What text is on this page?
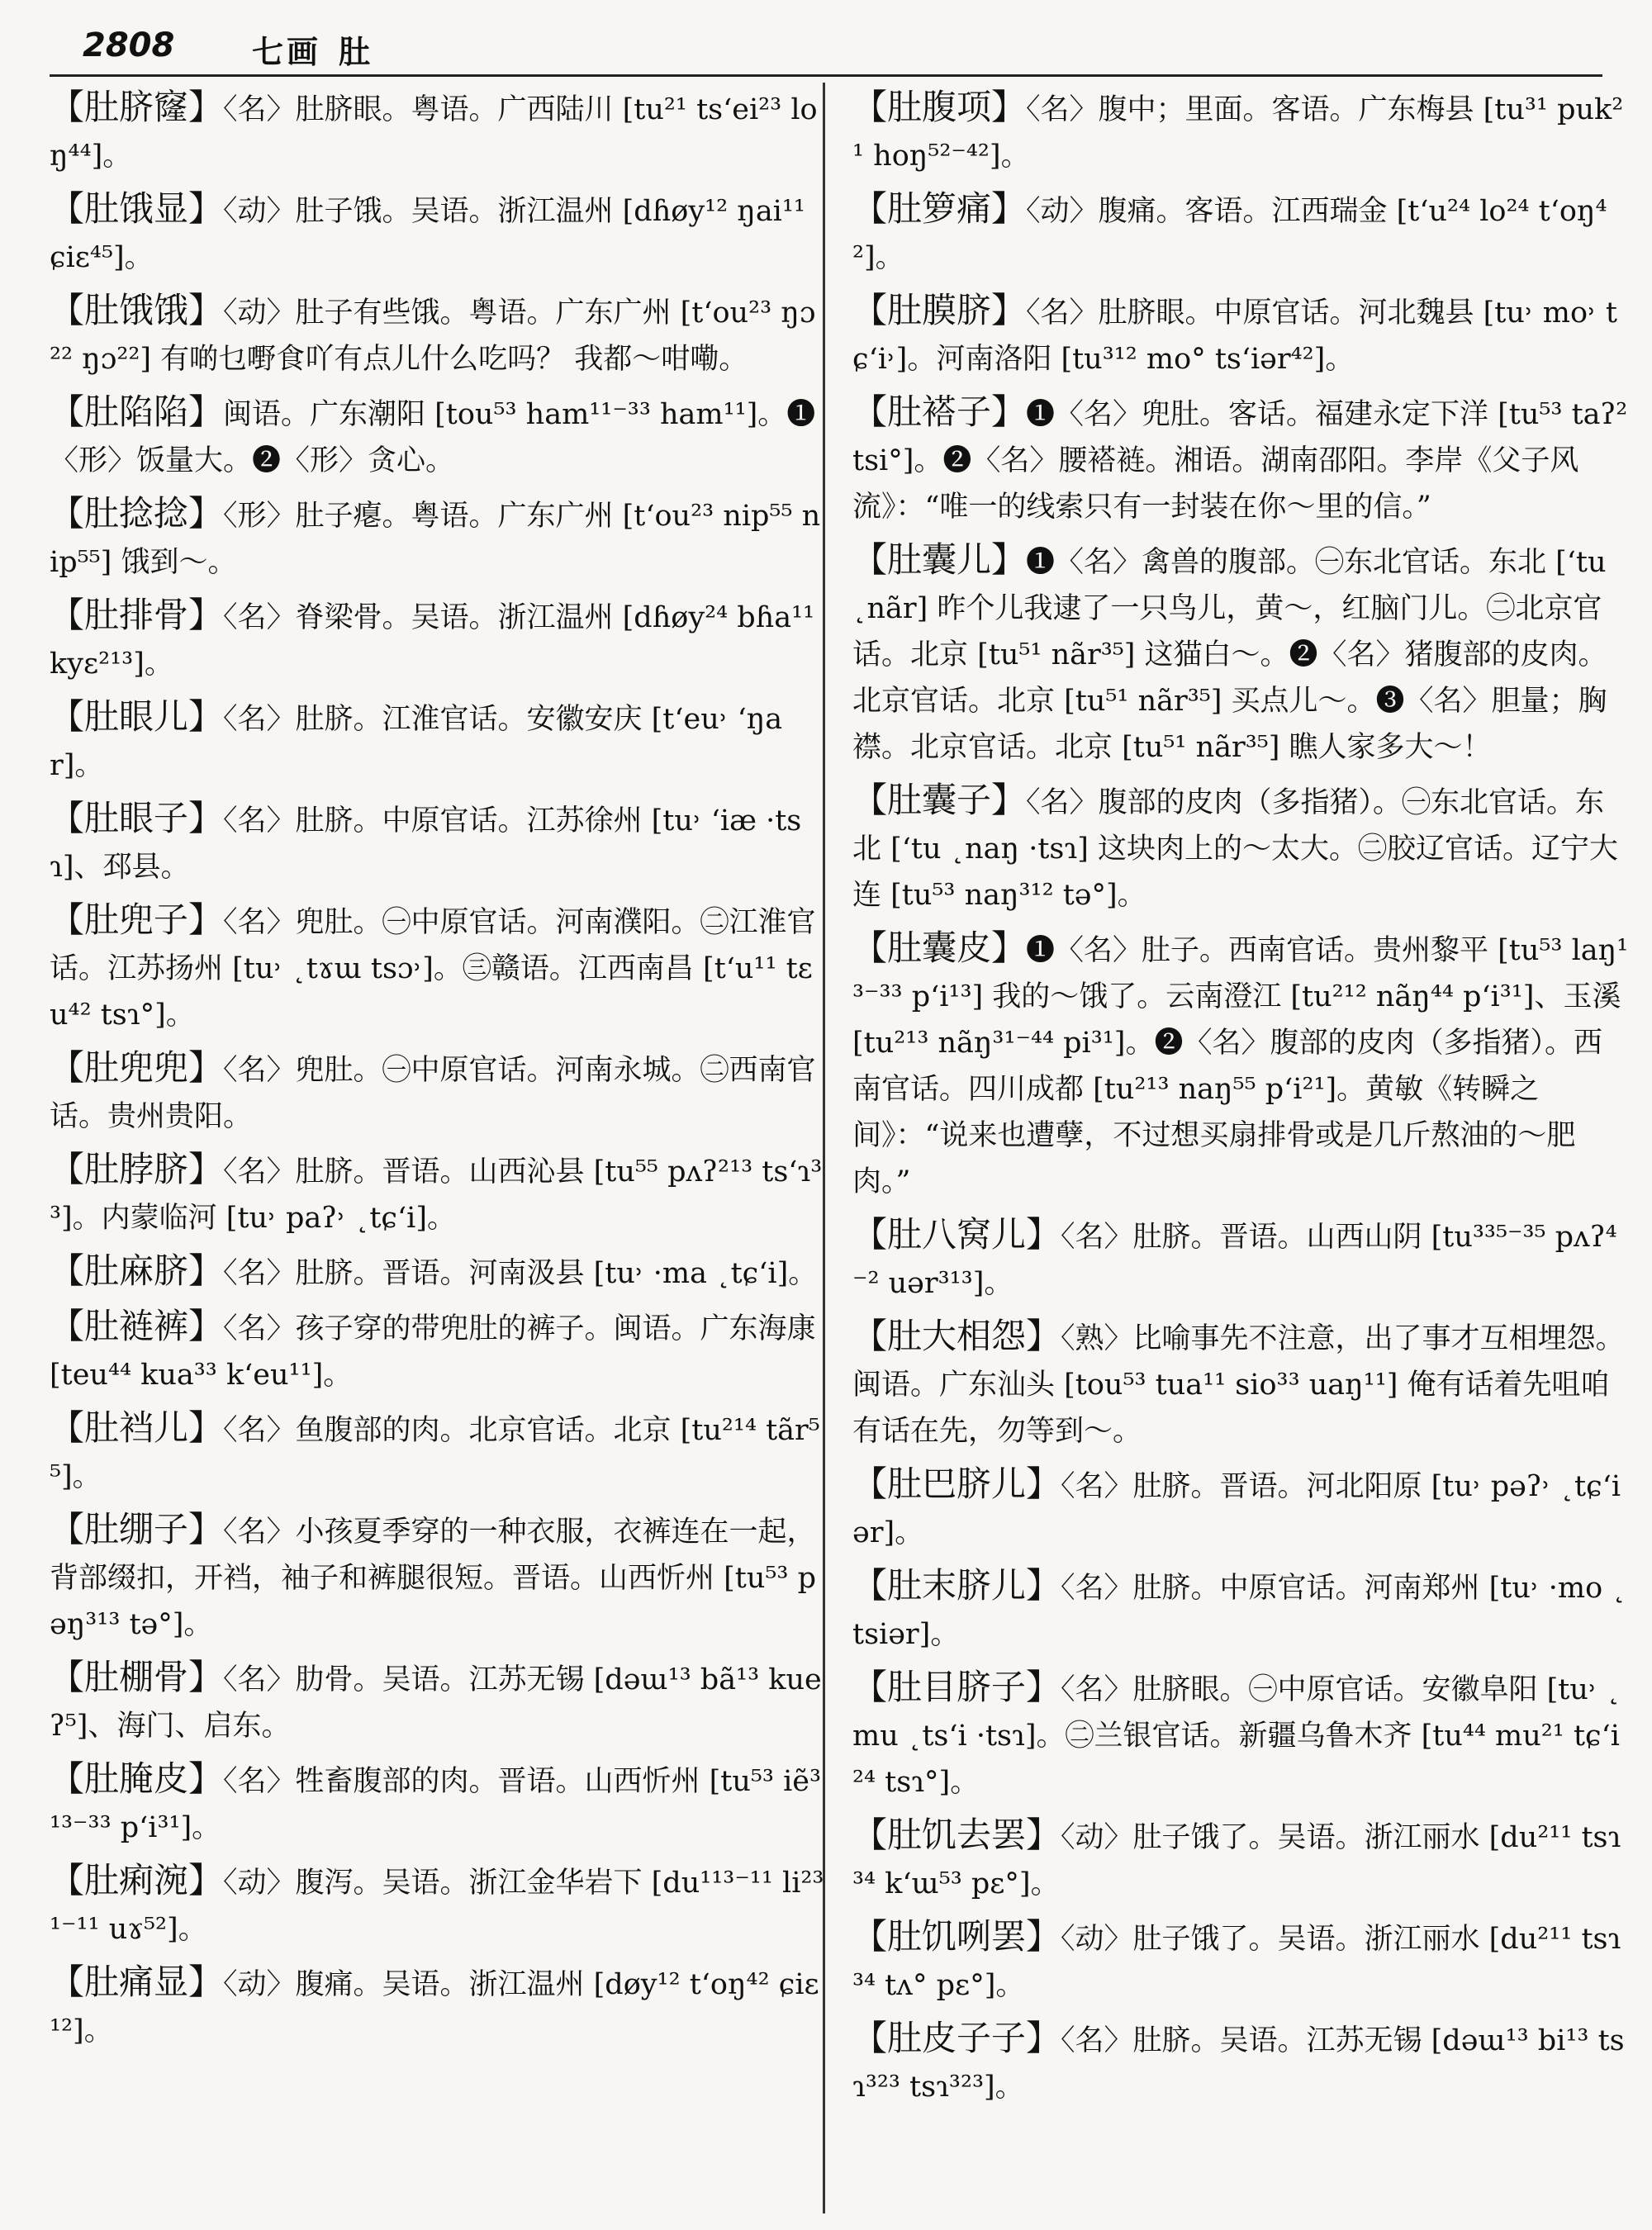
2808 七画 肚

【肚脐窿】〈名〉肚脐眼。粤语。广西陆川 [tu²¹ ts‘ei²³ loŋ⁴⁴]。

【肚饿显】〈动〉肚子饿。吴语。浙江温州 [dɦøy¹² ŋai¹¹ ɕiɛ⁴⁵]。

【肚饿饿】〈动〉肚子有些饿。粤语。广东广州 [t‘ou²³ ŋɔ²² ŋɔ²²] 有啲乜嘢食吖有点儿什么吃吗？ 我都～咁嘞。

【肚陷陷】闽语。广东潮阳 [tou⁵³ ham¹¹⁻³³ ham¹¹]。❶〈形〉饭量大。❷〈形〉贪心。

【肚捻捻】〈形〉肚子瘪。粤语。广东广州 [t‘ou²³ nip⁵⁵ nip⁵⁵] 饿到～。

【肚排骨】〈名〉脊梁骨。吴语。浙江温州 [dɦøy²⁴ bɦa¹¹ kyɛ²¹³]。

【肚眼儿】〈名〉肚脐。江淮官话。安徽安庆 [t‘eu˒ ‘ŋar]。

【肚眼子】〈名〉肚脐。中原官话。江苏徐州 [tu˒ ‘iæ ·tsɿ]、邳县。

【肚兜子】〈名〉兜肚。㊀中原官话。河南濮阳。㊁江淮官话。江苏扬州 [tu˒ ˛tɤɯ tsɔ˒]。㊂赣语。江西南昌 [t‘u¹¹ tɛu⁴² tsɿ°]。

【肚兜兜】〈名〉兜肚。㊀中原官话。河南永城。㊁西南官话。贵州贵阳。

【肚脖脐】〈名〉肚脐。晋语。山西沁县 [tu⁵⁵ pʌʔ²¹³ ts‘ɿ³³]。内蒙临河 [tu˒ paʔ˒ ˛tɕ‘i]。

【肚麻脐】〈名〉肚脐。晋语。河南汲县 [tu˒ ·ma ˛tɕ‘i]。

【肚裢裤】〈名〉孩子穿的带兜肚的裤子。闽语。广东海康 [teu⁴⁴ kua³³ k‘eu¹¹]。

【肚裆儿】〈名〉鱼腹部的肉。北京官话。北京 [tu²¹⁴ tãr⁵⁵]。

【肚绷子】〈名〉小孩夏季穿的一种衣服，衣裤连在一起，背部缀扣，开裆，袖子和裤腿很短。晋语。山西忻州 [tu⁵³ pəŋ³¹³ tə°]。

【肚棚骨】〈名〉肋骨。吴语。江苏无锡 [dəɯ¹³ bã¹³ kueʔ⁵]、海门、启东。

【肚腌皮】〈名〉牲畜腹部的肉。晋语。山西忻州 [tu⁵³ iẽ³¹³⁻³³ p‘i³¹]。

【肚痢涴】〈动〉腹泻。吴语。浙江金华岩下 [du¹¹³⁻¹¹ li²³¹⁻¹¹ uɤ⁵²]。

【肚痛显】〈动〉腹痛。吴语。浙江温州 [døy¹² t‘oŋ⁴² ɕiɛ¹²]。

【肚腹项】〈名〉腹中；里面。客语。广东梅县 [tu³¹ puk²¹ hoŋ⁵²⁻⁴²]。

【肚箩痛】〈动〉腹痛。客语。江西瑞金 [t‘u²⁴ lo²⁴ t‘oŋ⁴²]。

【肚膜脐】〈名〉肚脐眼。中原官话。河北魏县 [tu˒ mo˒ tɕ‘i˒]。河南洛阳 [tu³¹² mo° ts‘iər⁴²]。

【肚褡子】❶〈名〉兜肚。客话。福建永定下洋 [tu⁵³ taʔ² tsi°]。❷〈名〉腰褡裢。湘语。湖南邵阳。李岸《父子风流》：“唯一的线索只有一封装在你～里的信。”

【肚囊儿】❶〈名〉禽兽的腹部。㊀东北官话。东北 [‘tu ˛nãr] 昨个儿我逮了一只鸟儿，黄～，红脑门儿。㊁北京官话。北京 [tu⁵¹ nãr³⁵] 这猫白～。❷〈名〉猪腹部的皮肉。北京官话。北京 [tu⁵¹ nãr³⁵] 买点儿～。❸〈名〉胆量；胸襟。北京官话。北京 [tu⁵¹ nãr³⁵] 瞧人家多大～！

【肚囊子】〈名〉腹部的皮肉（多指猪）。㊀东北官话。东北 [‘tu ˛naŋ ·tsɿ] 这块肉上的～太大。㊁胶辽官话。辽宁大连 [tu⁵³ naŋ³¹² tə°]。

【肚囊皮】❶〈名〉肚子。西南官话。贵州黎平 [tu⁵³ laŋ¹³⁻³³ p‘i¹³] 我的～饿了。云南澄江 [tu²¹² nãŋ⁴⁴ p‘i³¹]、玉溪 [tu²¹³ nãŋ³¹⁻⁴⁴ pi³¹]。❷〈名〉腹部的皮肉（多指猪）。西南官话。四川成都 [tu²¹³ naŋ⁵⁵ p‘i²¹]。黄敏《转瞬之间》：“说来也遭孽，不过想买扇排骨或是几斤熬油的～肥肉。”

【肚八窝儿】〈名〉肚脐。晋语。山西山阴 [tu³³⁵⁻³⁵ pʌʔ⁴⁻² uər³¹³]。

【肚大相怨】〈熟〉比喻事先不注意，出了事才互相埋怨。闽语。广东汕头 [tou⁵³ tua¹¹ sio³³ uaŋ¹¹] 俺有话着先咀咱有话在先，勿等到～。

【肚巴脐儿】〈名〉肚脐。晋语。河北阳原 [tu˒ pəʔ˒ ˛tɕ‘iər]。

【肚末脐儿】〈名〉肚脐。中原官话。河南郑州 [tu˒ ·mo ˛tsiər]。

【肚目脐子】〈名〉肚脐眼。㊀中原官话。安徽阜阳 [tu˒ ˛mu ˛ts‘i ·tsɿ]。㊁兰银官话。新疆乌鲁木齐 [tu⁴⁴ mu²¹ tɕ‘i²⁴ tsɿ°]。

【肚饥去罢】〈动〉肚子饿了。吴语。浙江丽水 [du²¹¹ tsɿ³⁴ k‘ɯ⁵³ pɛ°]。

【肚饥咧罢】〈动〉肚子饿了。吴语。浙江丽水 [du²¹¹ tsɿ³⁴ tʌ° pɛ°]。

【肚皮子子】〈名〉肚脐。吴语。江苏无锡 [dəɯ¹³ bi¹³ tsɿ³²³ tsɿ³²³]。
